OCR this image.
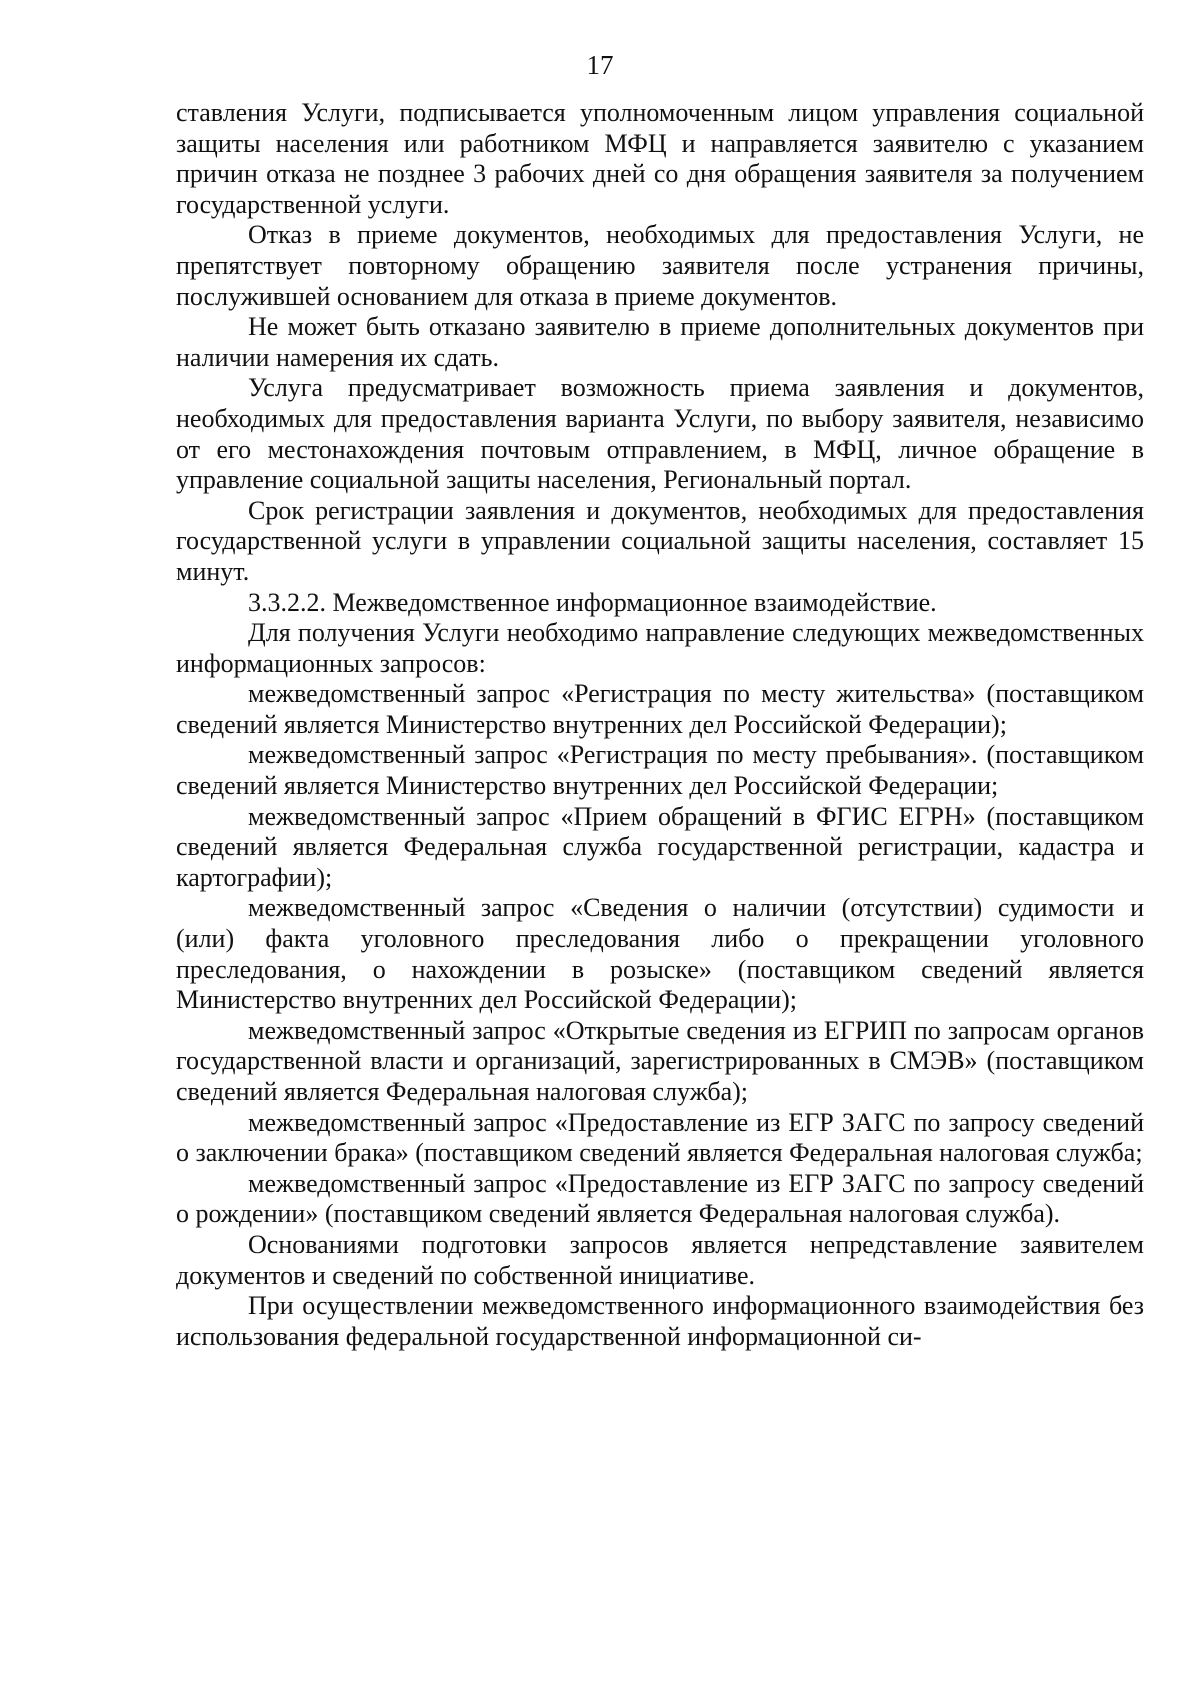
17

ставления Услуги, подписывается уполномоченным лицом управления социальной защиты населения или работником МФЦ и направляется заявителю с указанием причин отказа не позднее 3 рабочих дней со дня обращения заявителя за получением государственной услуги.

Отказ в приеме документов, необходимых для предоставления Услуги, не препятствует повторному обращению заявителя после устранения причины, послужившей основанием для отказа в приеме документов.

Не может быть отказано заявителю в приеме дополнительных документов при наличии намерения их сдать.

Услуга предусматривает возможность приема заявления и документов, необходимых для предоставления варианта Услуги, по выбору заявителя, независимо от его местонахождения почтовым отправлением, в МФЦ, личное обращение в управление социальной защиты населения, Региональный портал.

Срок регистрации заявления и документов, необходимых для предоставления государственной услуги в управлении социальной защиты населения, составляет 15 минут.

3.3.2.2. Межведомственное информационное взаимодействие.

Для получения Услуги необходимо направление следующих межведомственных информационных запросов:

межведомственный запрос «Регистрация по месту жительства» (поставщиком сведений является Министерство внутренних дел Российской Федерации);

межведомственный запрос «Регистрация по месту пребывания». (поставщиком сведений является Министерство внутренних дел Российской Федерации;

межведомственный запрос «Прием обращений в ФГИС ЕГРН» (поставщиком сведений является Федеральная служба государственной регистрации, кадастра и картографии);

межведомственный запрос «Сведения о наличии (отсутствии) судимости и (или) факта уголовного преследования либо о прекращении уголовного преследования, о нахождении в розыске» (поставщиком сведений является Министерство внутренних дел Российской Федерации);

межведомственный запрос «Открытые сведения из ЕГРИП по запросам органов государственной власти и организаций, зарегистрированных в СМЭВ» (поставщиком сведений является Федеральная налоговая служба);

межведомственный запрос «Предоставление из ЕГР ЗАГС по запросу сведений о заключении брака» (поставщиком сведений является Федеральная налоговая служба;

межведомственный запрос «Предоставление из ЕГР ЗАГС по запросу сведений о рождении» (поставщиком сведений является Федеральная налоговая служба).

Основаниями подготовки запросов является непредставление заявителем документов и сведений по собственной инициативе.

При осуществлении межведомственного информационного взаимодействия без использования федеральной государственной информационной си-
